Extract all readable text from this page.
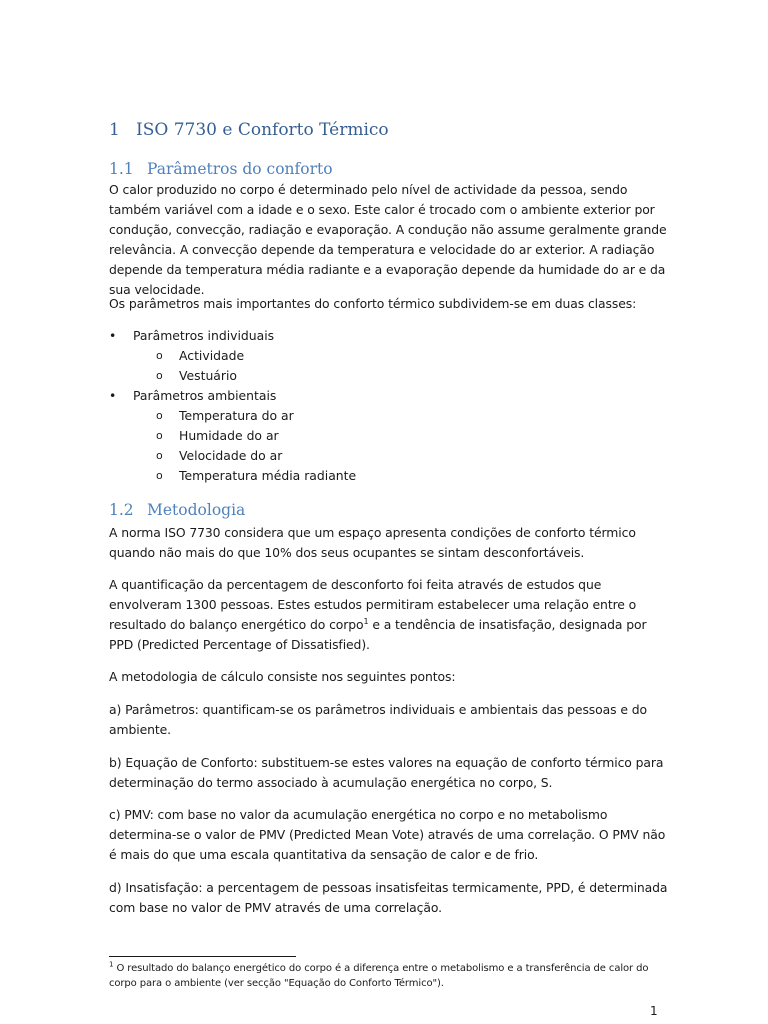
1 ISO 7730 e Conforto Térmico
1.1 Parâmetros do conforto

O calor produzido no corpo é determinado pelo nível de actividade da pessoa, sendo também variável com a idade e o sexo. Este calor é trocado com o ambiente exterior por condução, convecção, radiação e evaporação. A condução não assume geralmente grande relevância. A convecção depende da temperatura e velocidade do ar exterior. A radiação depende da temperatura média radiante e a evaporação depende da humidade do ar e da sua velocidade.

Os parâmetros mais importantes do conforto térmico subdividem-se em duas classes:

• Parâmetros individuais
o Actividade
o Vestuário
• Parâmetros ambientais
o Temperatura do ar
o Humidade do ar
o Velocidade do ar
o Temperatura média radiante
1.2 Metodologia

A norma ISO 7730 considera que um espaço apresenta condições de conforto térmico quando não mais do que 10% dos seus ocupantes se sintam desconfortáveis.

A quantificação da percentagem de desconforto foi feita através de estudos que envolveram 1300 pessoas. Estes estudos permitiram estabelecer uma relação entre o resultado do balanço energético do corpo$^1$ e a tendência de insatisfação, designada por PPD (Predicted Percentage of Dissatisfied).

A metodologia de cálculo consiste nos seguintes pontos:

a) Parâmetros: quantificam-se os parâmetros individuais e ambientais das pessoas e do ambiente.

b) Equação de Conforto: substituem-se estes valores na equação de conforto térmico para determinação do termo associado à acumulação energética no corpo, S.

c) PMV: com base no valor da acumulação energética no corpo e no metabolismo determina-se o valor de PMV (Predicted Mean Vote) através de uma correlação. O PMV não é mais do que uma escala quantitativa da sensação de calor e de frio.

d) Insatisfação: a percentagem de pessoas insatisfeitas termicamente, PPD, é determinada com base no valor de PMV através de uma correlação.

$^1$ O resultado do balanço energético do corpo é a diferença entre o metabolismo e a transferência de calor do corpo para o ambiente (ver secção "Equação do Conforto Térmico").

1
